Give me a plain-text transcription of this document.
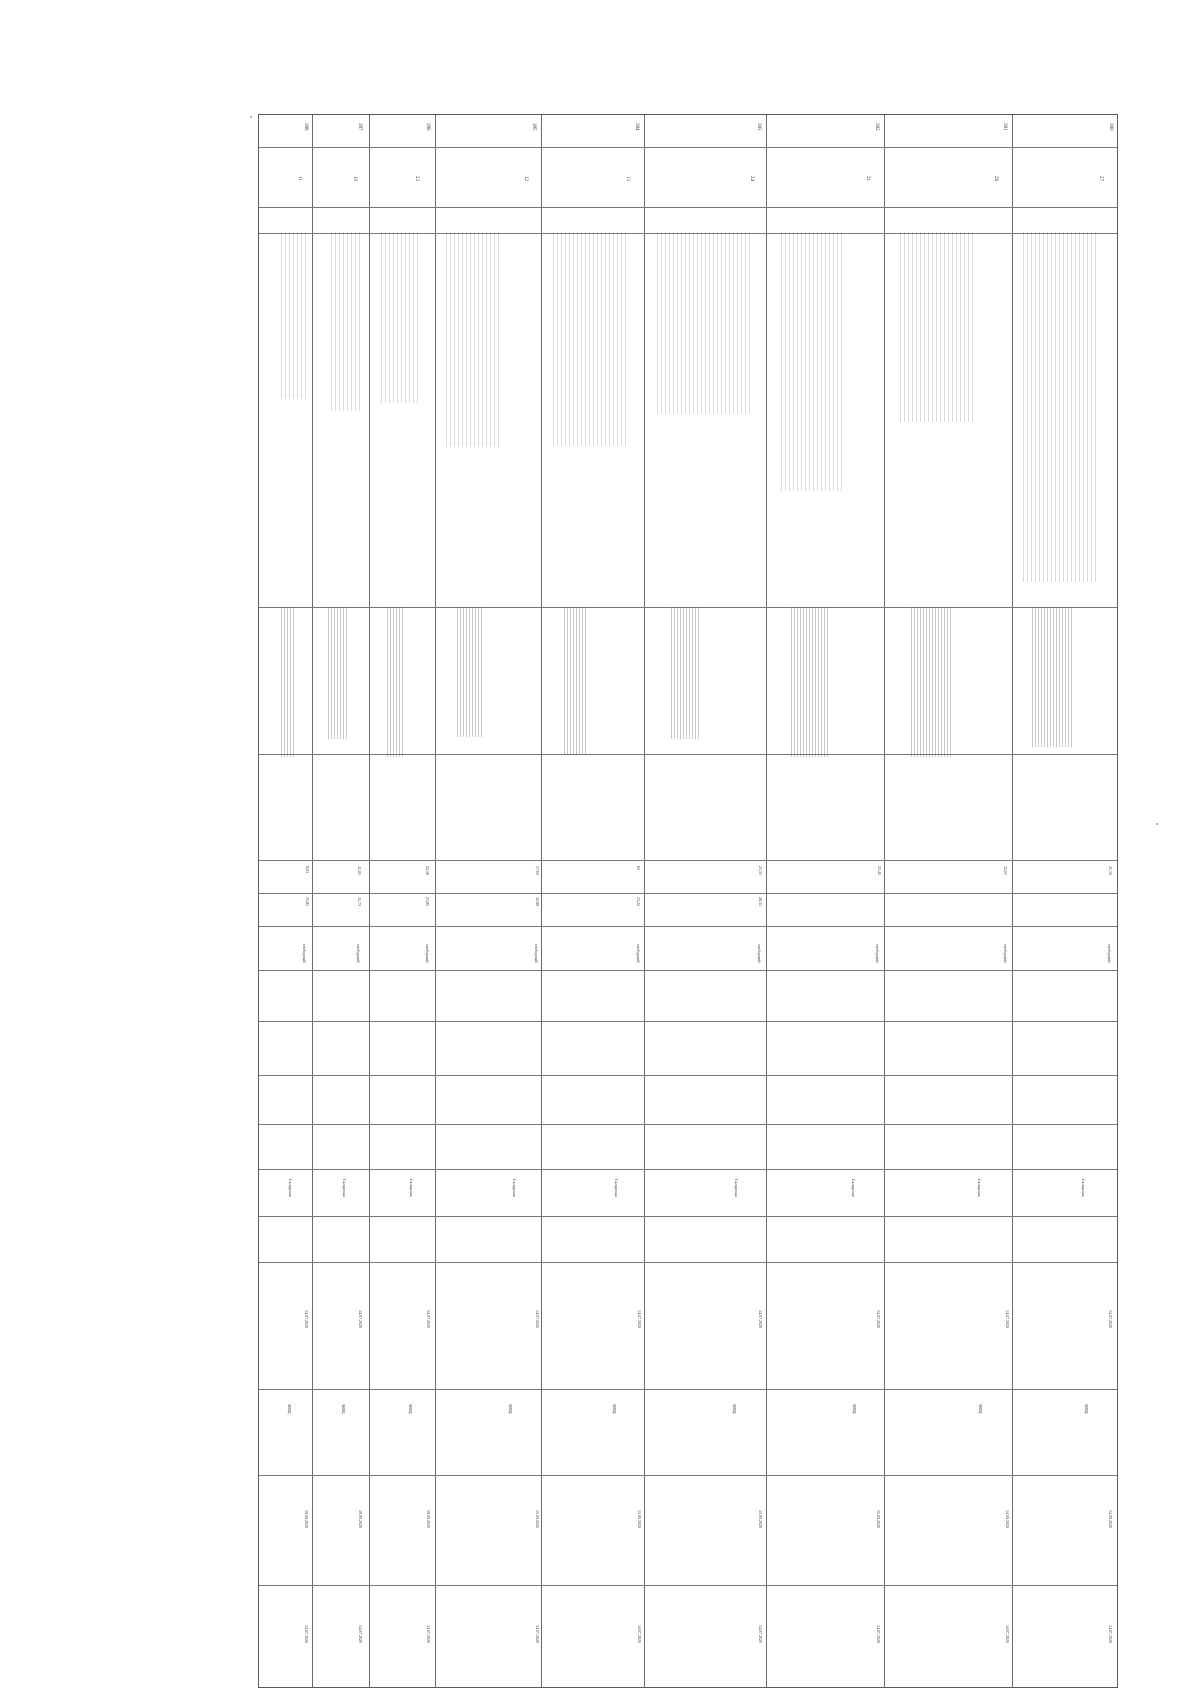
388	387	386	385	384	383	382	381	380
11	10	23	12	13	24	21	26	27
9,03	11,03	22,56	17,63	63	21,31	23,41	12,01	11,33
15,81	11,73	23,85	12,99	13,22	26,51
14.07.2020	14.07.2020	14.07.2020	14.07.2020	14.07.2020	14.07.2020	14.07.2020	14.07.2020	14.07.2020
19.09.2020	19.09.2020	19.09.2020	15.09.2020	15.09.2020	15.09.2020	15.09.2020	14.09.2020	14.09.2020
14.07.2020	14.07.2020	14.07.2020	14.07.2020	14.07.2020	14.07.2020	14.07.2020	14.07.2020	14.07.2020
свободный	свободный	свободный	свободный	свободный	свободный	свободный	свободный	свободный
МФЦ	МФЦ	МФЦ	МФЦ	МФЦ	МФЦ	МФЦ	МФЦ	МФЦ
Складская	Складская	Складская	Складская	Складская	Складская	Складская	Складская	Складская
